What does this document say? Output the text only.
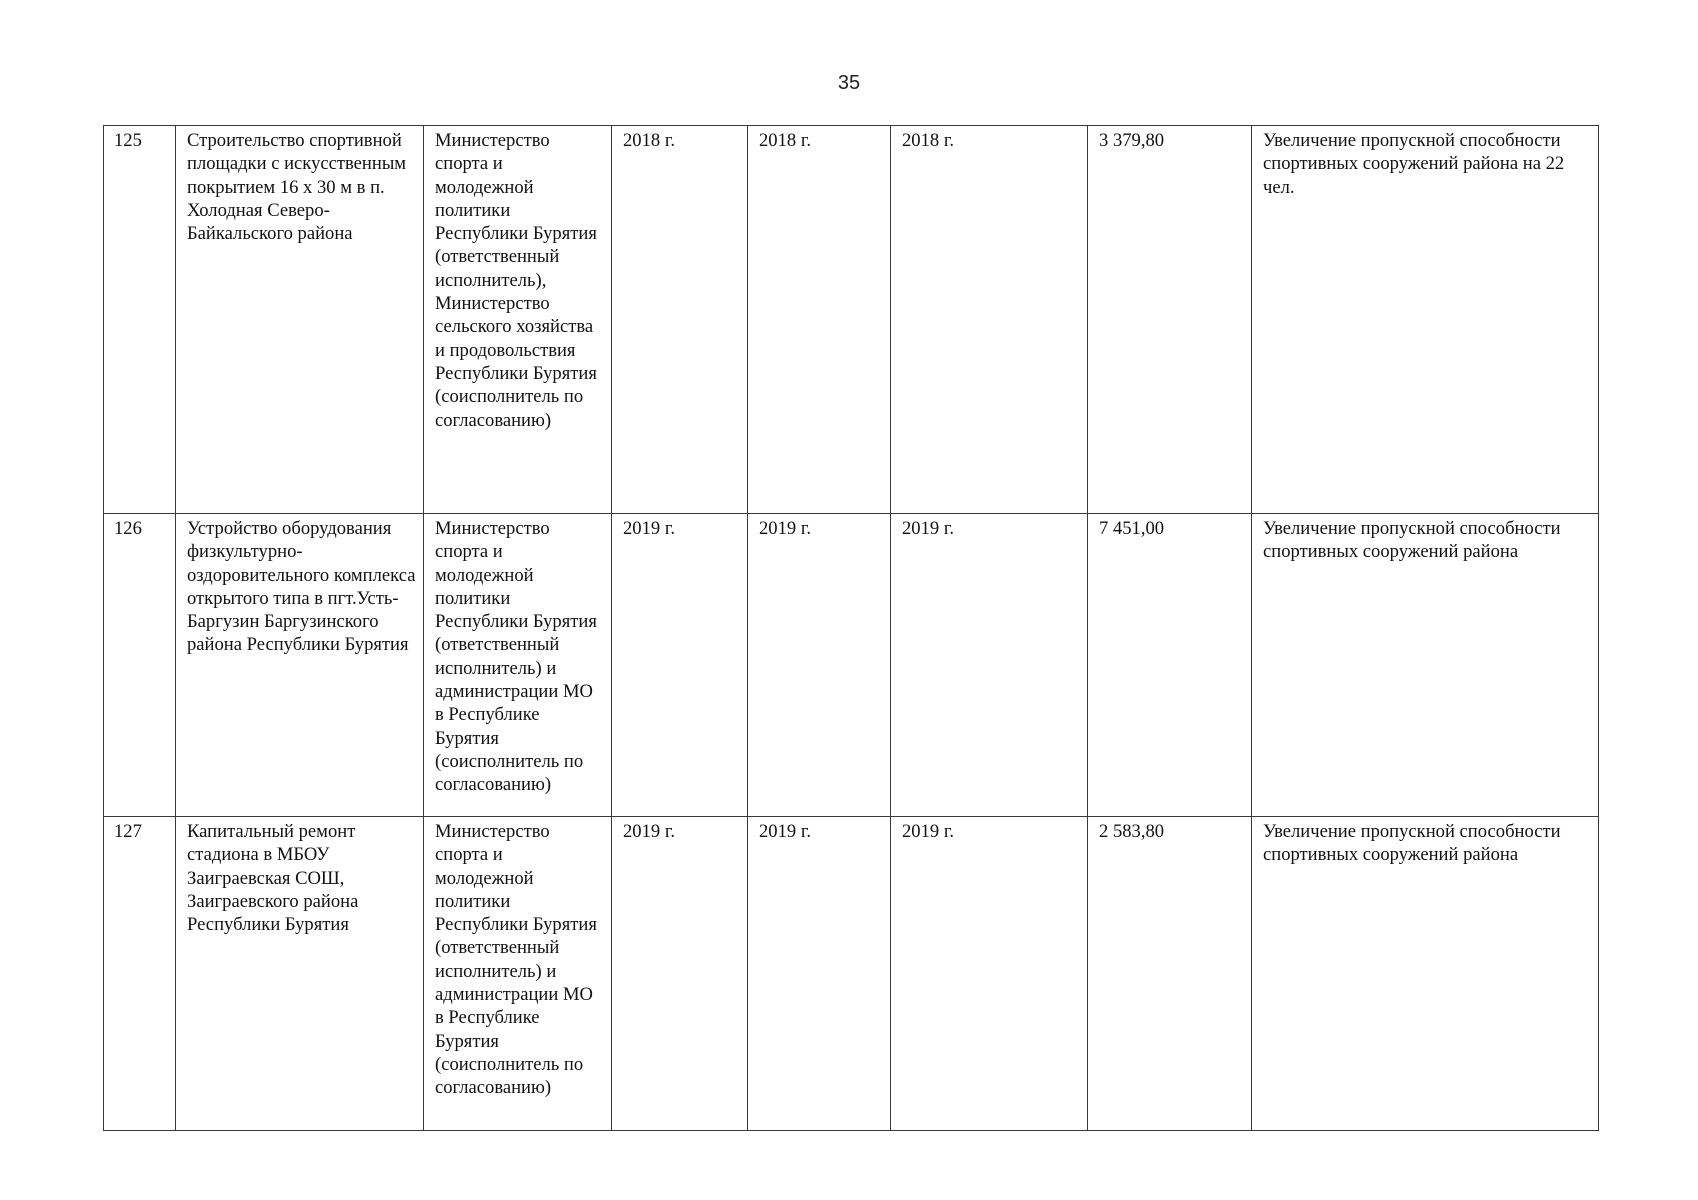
35
125	Строительство спортивной площадки с искусственным покрытием 16 х 30 м в п. Холодная Северо-Байкальского района	Министерство спорта и молодежной политики Республики Бурятия (ответственный исполнитель), Министерство сельского хозяйства и продовольствия Республики Бурятия (соисполнитель по согласованию)	2018 г.	2018 г.	2018 г.	3 379,80	Увеличение пропускной способности спортивных сооружений района на 22 чел.
126	Устройство оборудования физкультурно-оздоровительного комплекса открытого типа в пгт.Усть-Баргузин Баргузинского района Республики Бурятия	Министерство спорта и молодежной политики Республики Бурятия (ответственный исполнитель) и администрации МО в Республике Бурятия (соисполнитель по согласованию)	2019 г.	2019 г.	2019 г.	7 451,00	Увеличение пропускной способности спортивных сооружений района
127	Капитальный ремонт стадиона в МБОУ Заиграевская СОШ, Заиграевского района Республики Бурятия	Министерство спорта и молодежной политики Республики Бурятия (ответственный исполнитель) и администрации МО в Республике Бурятия (соисполнитель по согласованию)	2019 г.	2019 г.	2019 г.	2 583,80	Увеличение пропускной способности спортивных сооружений района
